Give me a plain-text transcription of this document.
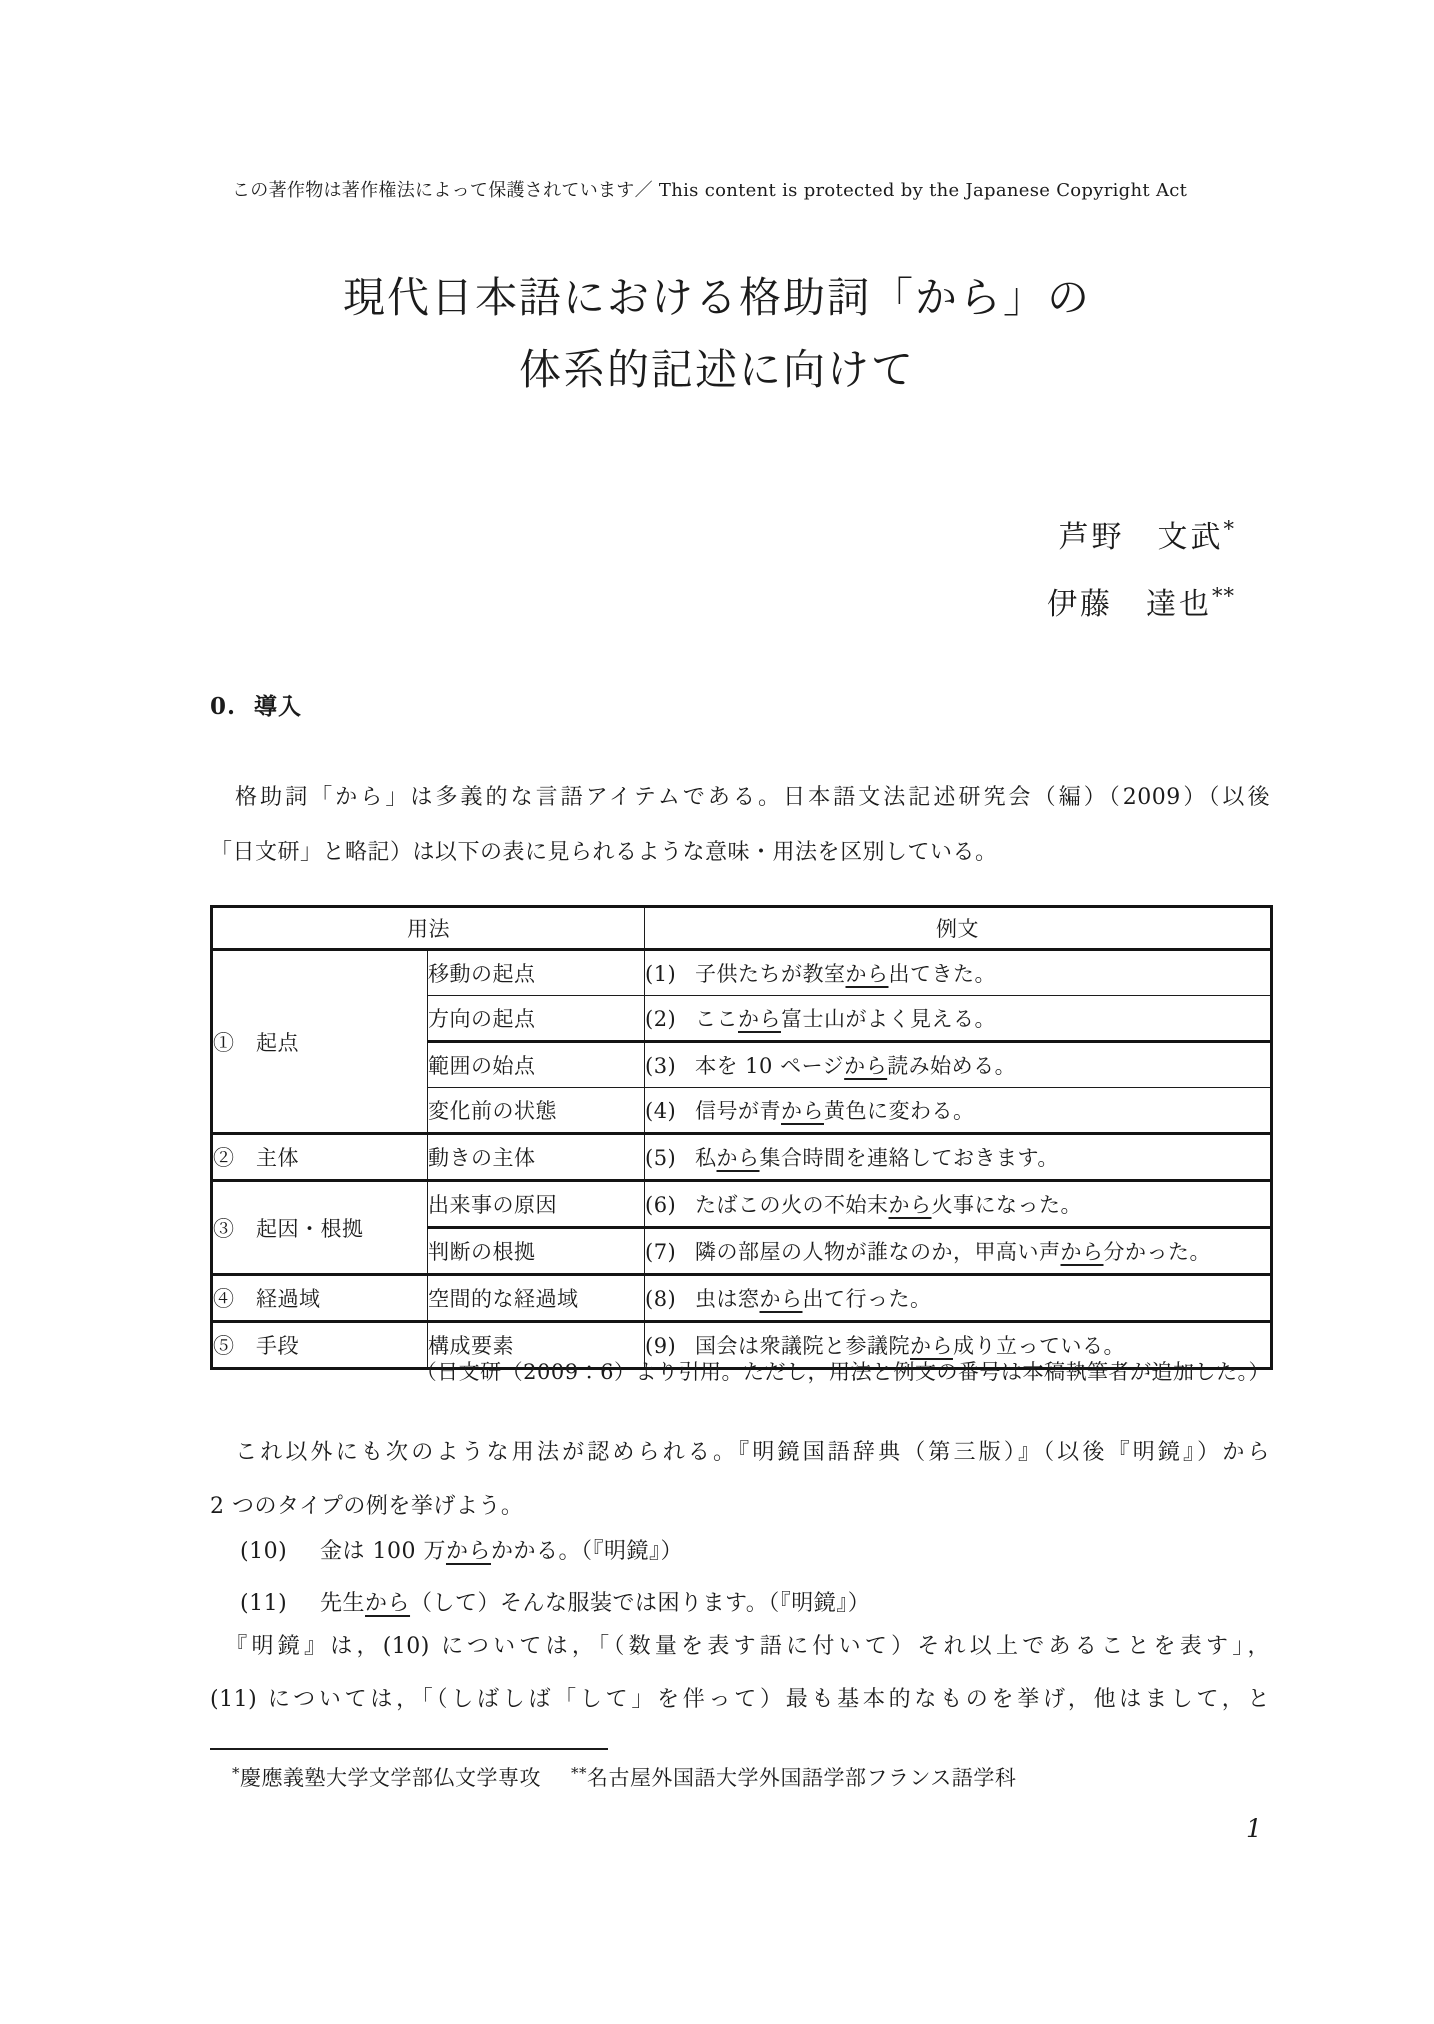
この著作物は著作権法によって保護されています／ This content is protected by the Japanese Copyright Act
現代日本語における格助詞「から」の
体系的記述に向けて
芦野　文武*
伊藤　達也**
0. 導入
　格助詞「から」は多義的な言語アイテムである。日本語文法記述研究会（編）（2009）（以後
「日文研」と略記）は以下の表に見られるような意味・用法を区別している。
用法		例文
①　起点	移動の起点	(1) 子供たちが教室から出てきた。
	方向の起点	(2) ここから富士山がよく見える。
	範囲の始点	(3) 本を 10 ページから読み始める。
	変化前の状態	(4) 信号が青から黄色に変わる。
②　主体	動きの主体	(5) 私から集合時間を連絡しておきます。
③　起因・根拠	出来事の原因	(6) たばこの火の不始末から火事になった。
	判断の根拠	(7) 隣の部屋の人物が誰なのか，甲高い声から分かった。
④　経過域	空間的な経過域	(8) 虫は窓から出て行った。
⑤　手段	構成要素	(9) 国会は衆議院と参議院から成り立っている。
（日文研（2009：6）より引用。ただし，用法と例文の番号は本稿執筆者が追加した。）
　これ以外にも次のような用法が認められる。『明鏡国語辞典（第三版）』（以後『明鏡』）から
2 つのタイプの例を挙げよう。
(10) 金は 100 万からかかる。（『明鏡』）
(11) 先生から（して）そんな服装では困ります。（『明鏡』）
　『明鏡』は，(10) については，「（数量を表す語に付いて）それ以上であることを表す」，
(11) については，「（しばしば「して」を伴って）最も基本的なものを挙げ，他はまして，と
*慶應義塾大学文学部仏文学専攻 **名古屋外国語大学外国語学部フランス語学科
1
